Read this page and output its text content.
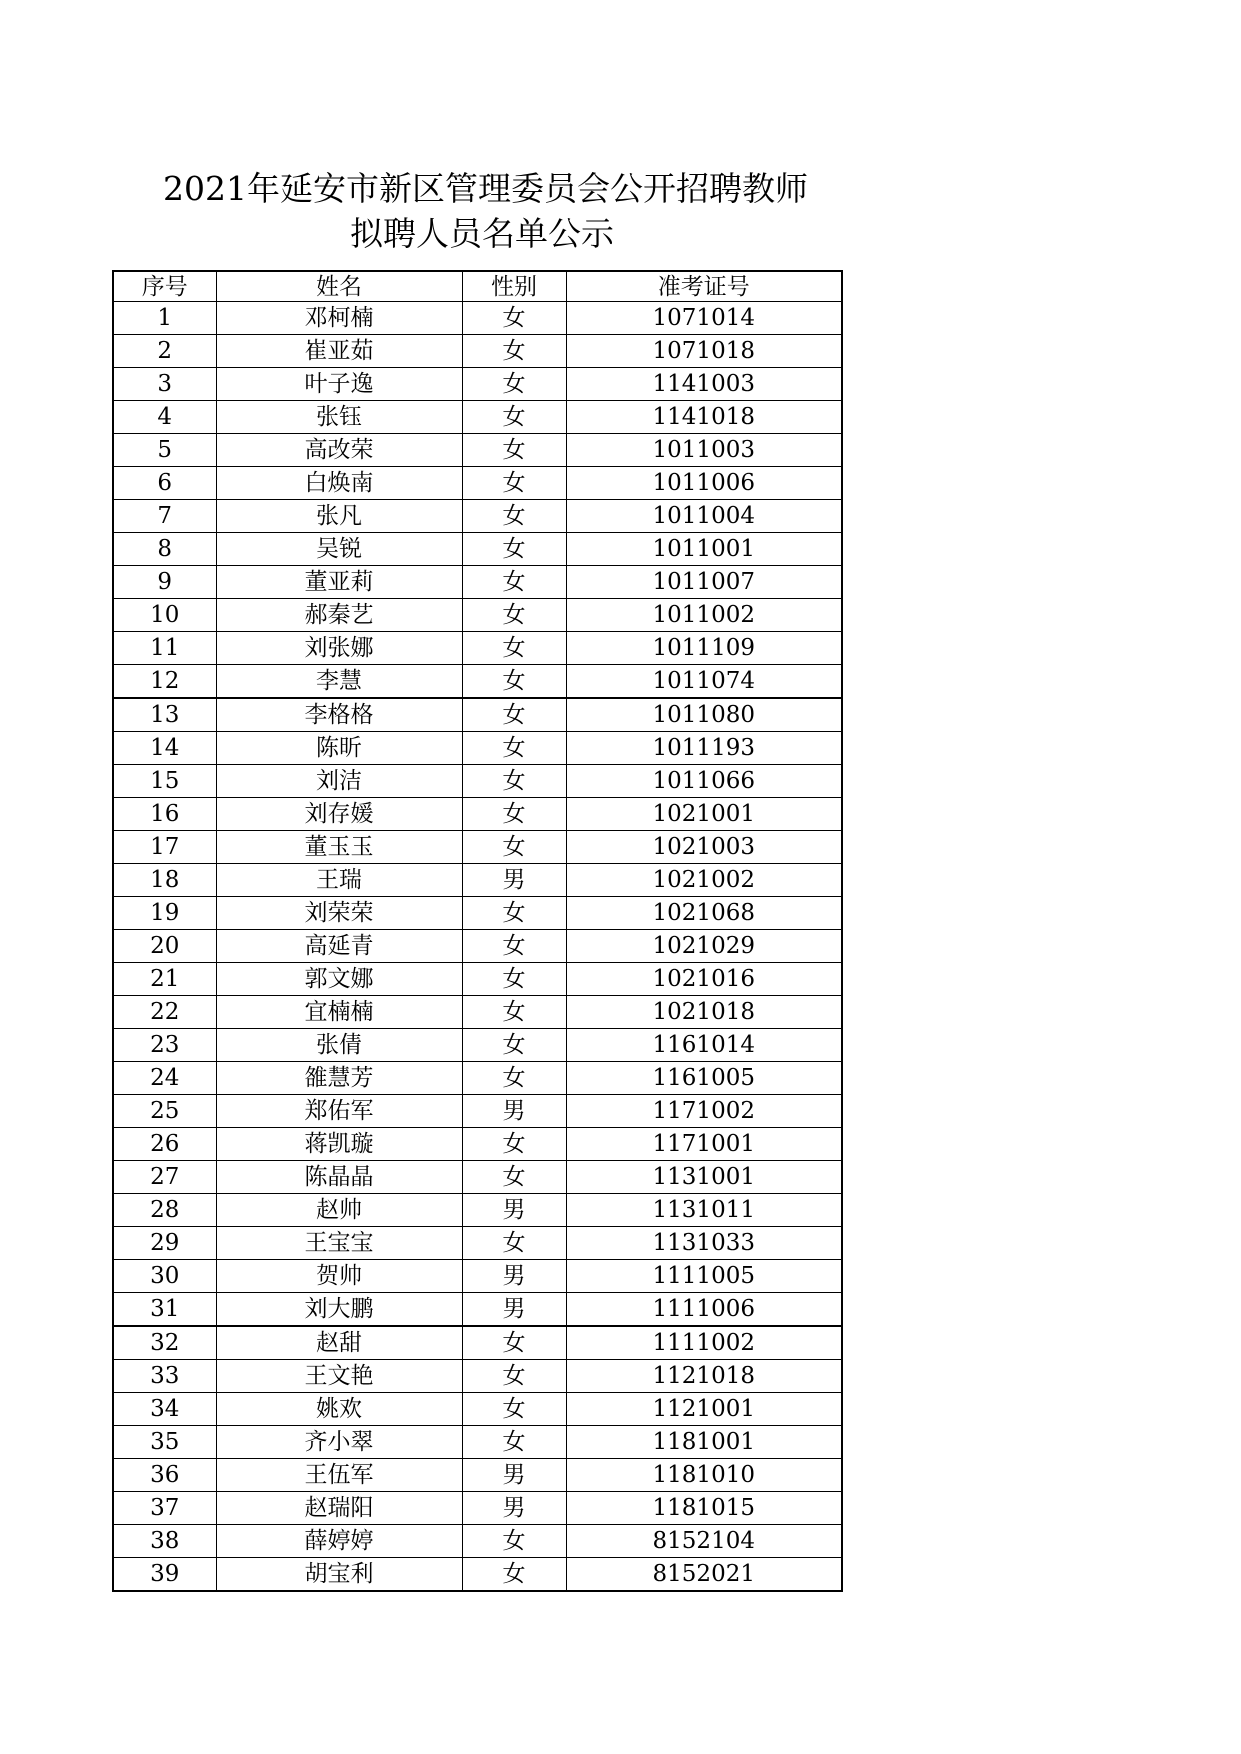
2021年延安市新区管理委员会公开招聘教师
拟聘人员名单公示
序号	姓名	性别	准考证号
1	邓柯楠	女	1071014
2	崔亚茹	女	1071018
3	叶子逸	女	1141003
4	张钰	女	1141018
5	高改荣	女	1011003
6	白焕南	女	1011006
7	张凡	女	1011004
8	吴锐	女	1011001
9	董亚莉	女	1011007
10	郝秦艺	女	1011002
11	刘张娜	女	1011109
12	李慧	女	1011074
13	李格格	女	1011080
14	陈昕	女	1011193
15	刘洁	女	1011066
16	刘存媛	女	1021001
17	董玉玉	女	1021003
18	王瑞	男	1021002
19	刘荣荣	女	1021068
20	高延青	女	1021029
21	郭文娜	女	1021016
22	宜楠楠	女	1021018
23	张倩	女	1161014
24	雒慧芳	女	1161005
25	郑佑军	男	1171002
26	蒋凯璇	女	1171001
27	陈晶晶	女	1131001
28	赵帅	男	1131011
29	王宝宝	女	1131033
30	贺帅	男	1111005
31	刘大鹏	男	1111006
32	赵甜	女	1111002
33	王文艳	女	1121018
34	姚欢	女	1121001
35	齐小翠	女	1181001
36	王伍军	男	1181010
37	赵瑞阳	男	1181015
38	薛婷婷	女	8152104
39	胡宝利	女	8152021
